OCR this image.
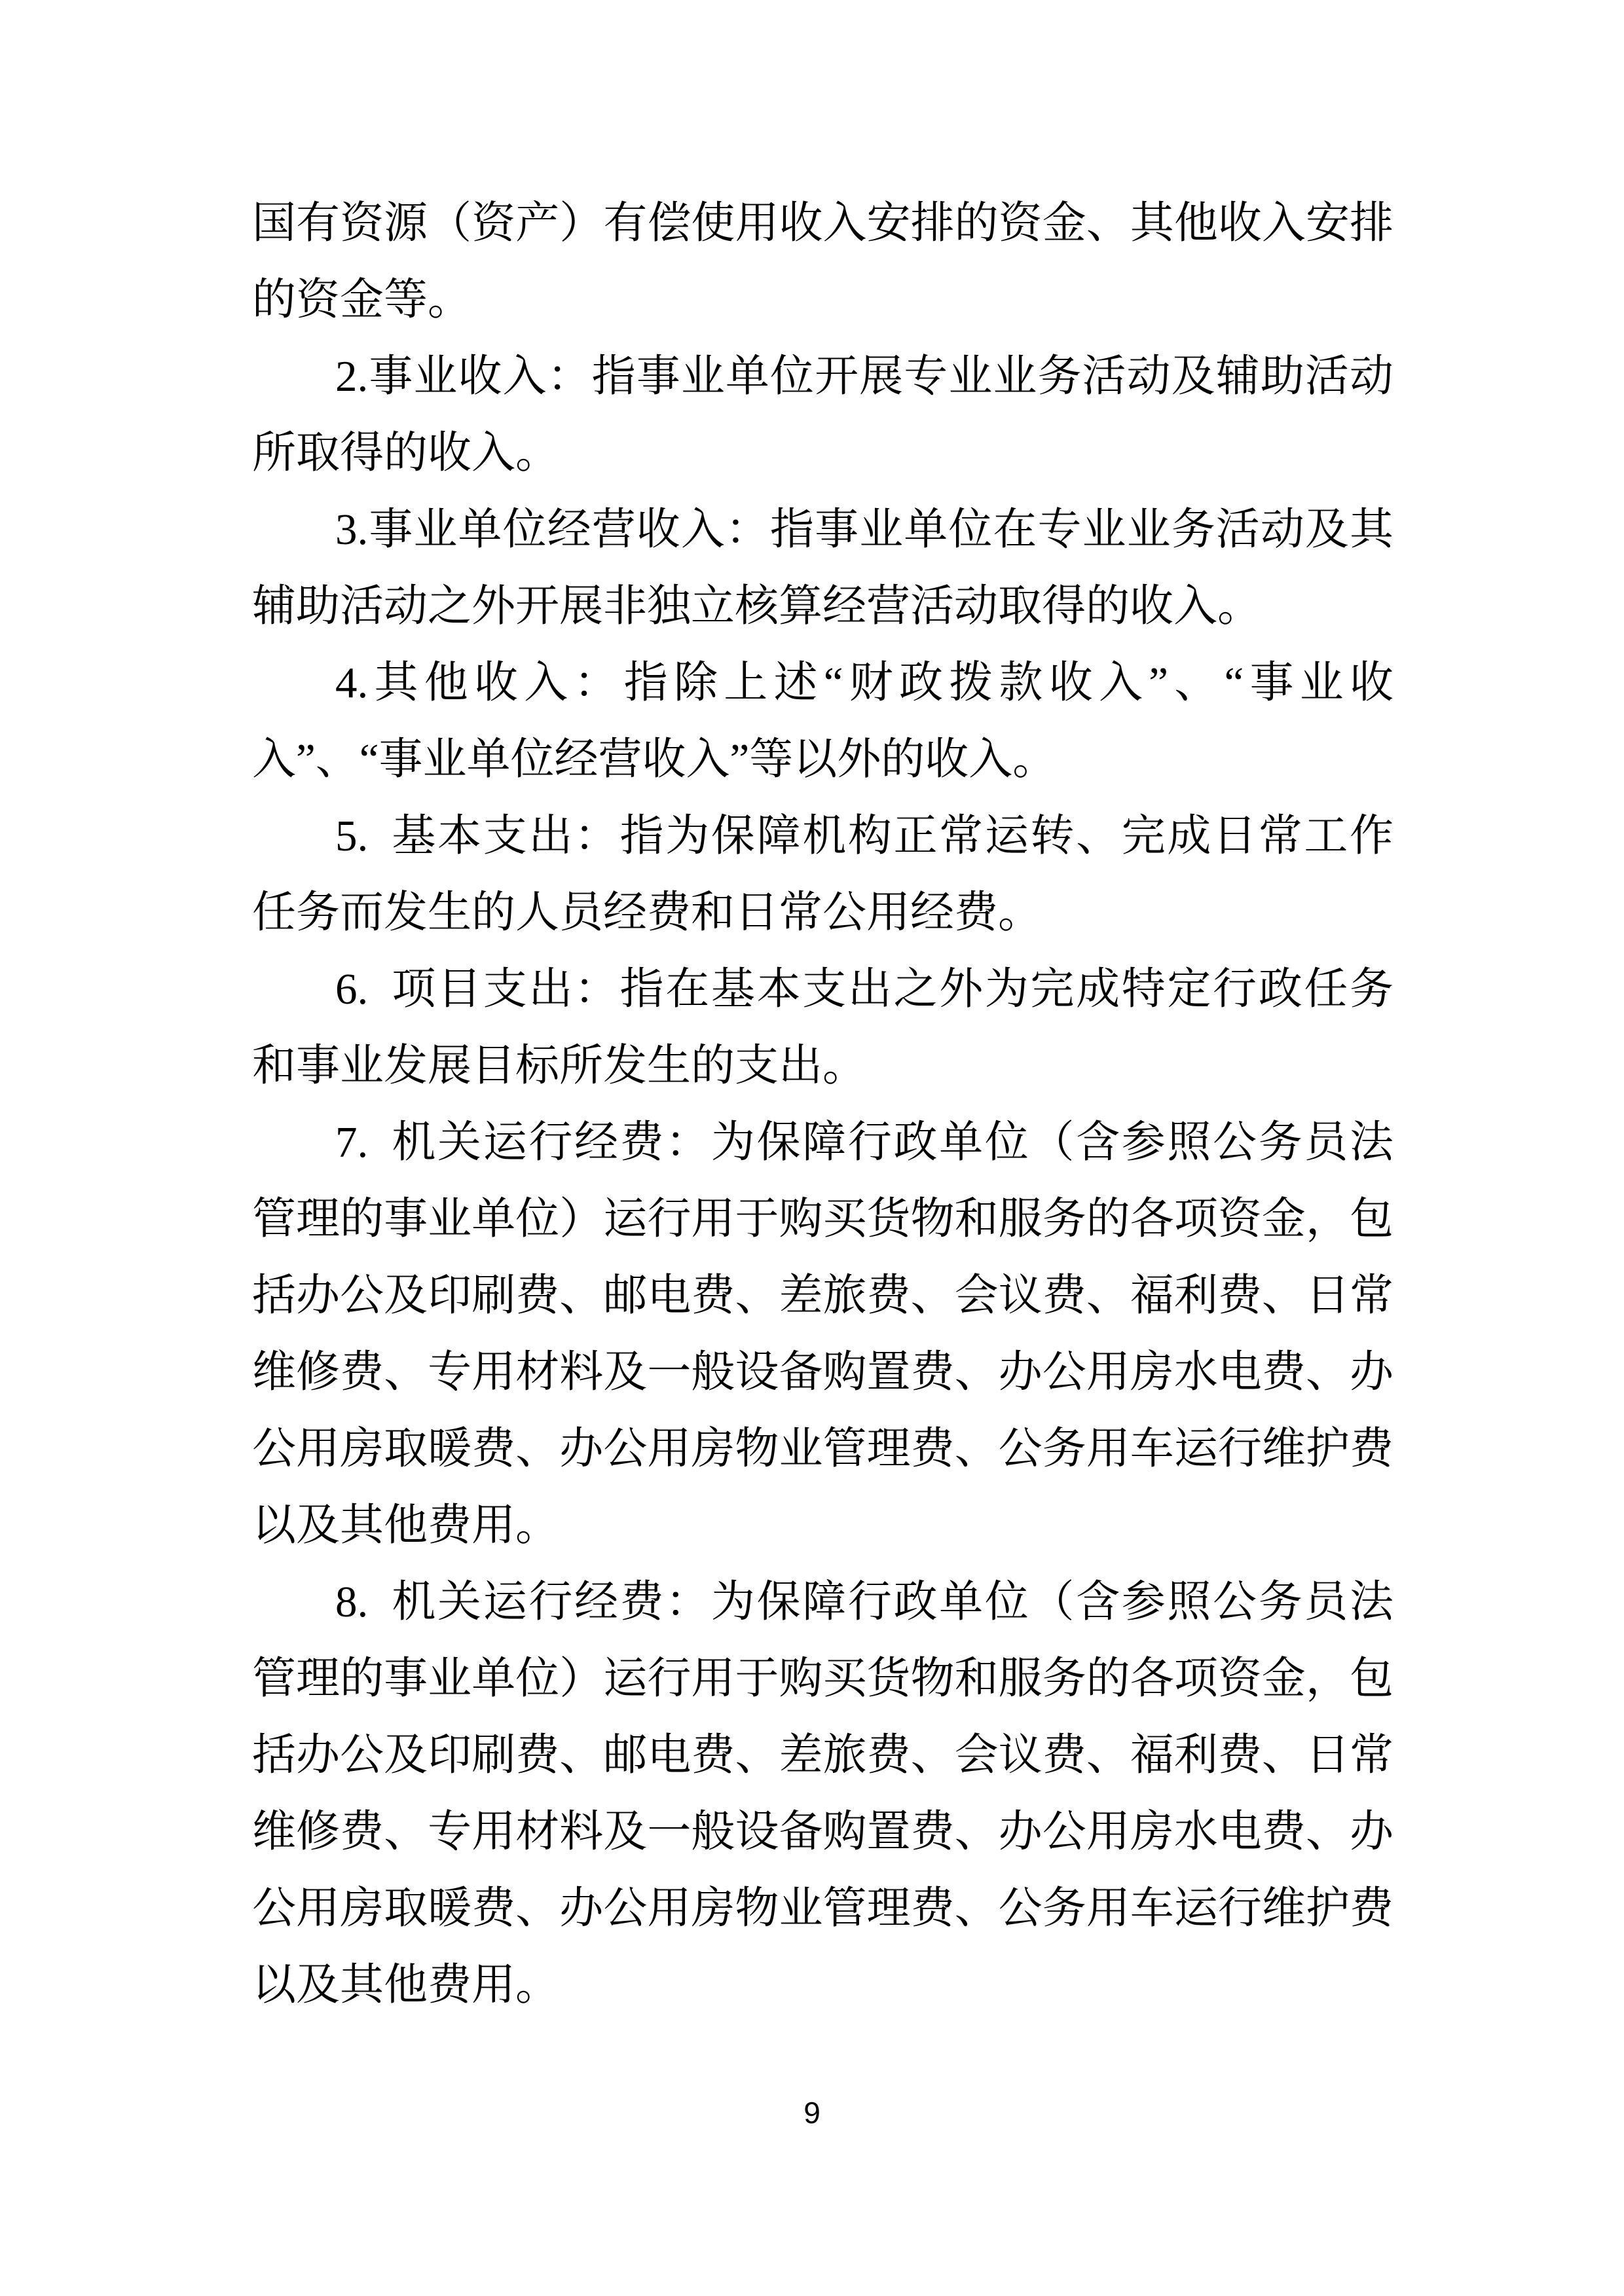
国有资源（资产）有偿使用收入安排的资金、其他收入安排的资金等。

2.事业收入：指事业单位开展专业业务活动及辅助活动所取得的收入。

3.事业单位经营收入：指事业单位在专业业务活动及其辅助活动之外开展非独立核算经营活动取得的收入。

4.其他收入：指除上述“财政拨款收入”、“事业收入”、“事业单位经营收入”等以外的收入。

5. 基本支出：指为保障机构正常运转、完成日常工作任务而发生的人员经费和日常公用经费。

6. 项目支出：指在基本支出之外为完成特定行政任务和事业发展目标所发生的支出。

7. 机关运行经费：为保障行政单位（含参照公务员法管理的事业单位）运行用于购买货物和服务的各项资金，包括办公及印刷费、邮电费、差旅费、会议费、福利费、日常维修费、专用材料及一般设备购置费、办公用房水电费、办公用房取暖费、办公用房物业管理费、公务用车运行维护费以及其他费用。

8. 机关运行经费：为保障行政单位（含参照公务员法管理的事业单位）运行用于购买货物和服务的各项资金，包括办公及印刷费、邮电费、差旅费、会议费、福利费、日常维修费、专用材料及一般设备购置费、办公用房水电费、办公用房取暖费、办公用房物业管理费、公务用车运行维护费以及其他费用。

9
